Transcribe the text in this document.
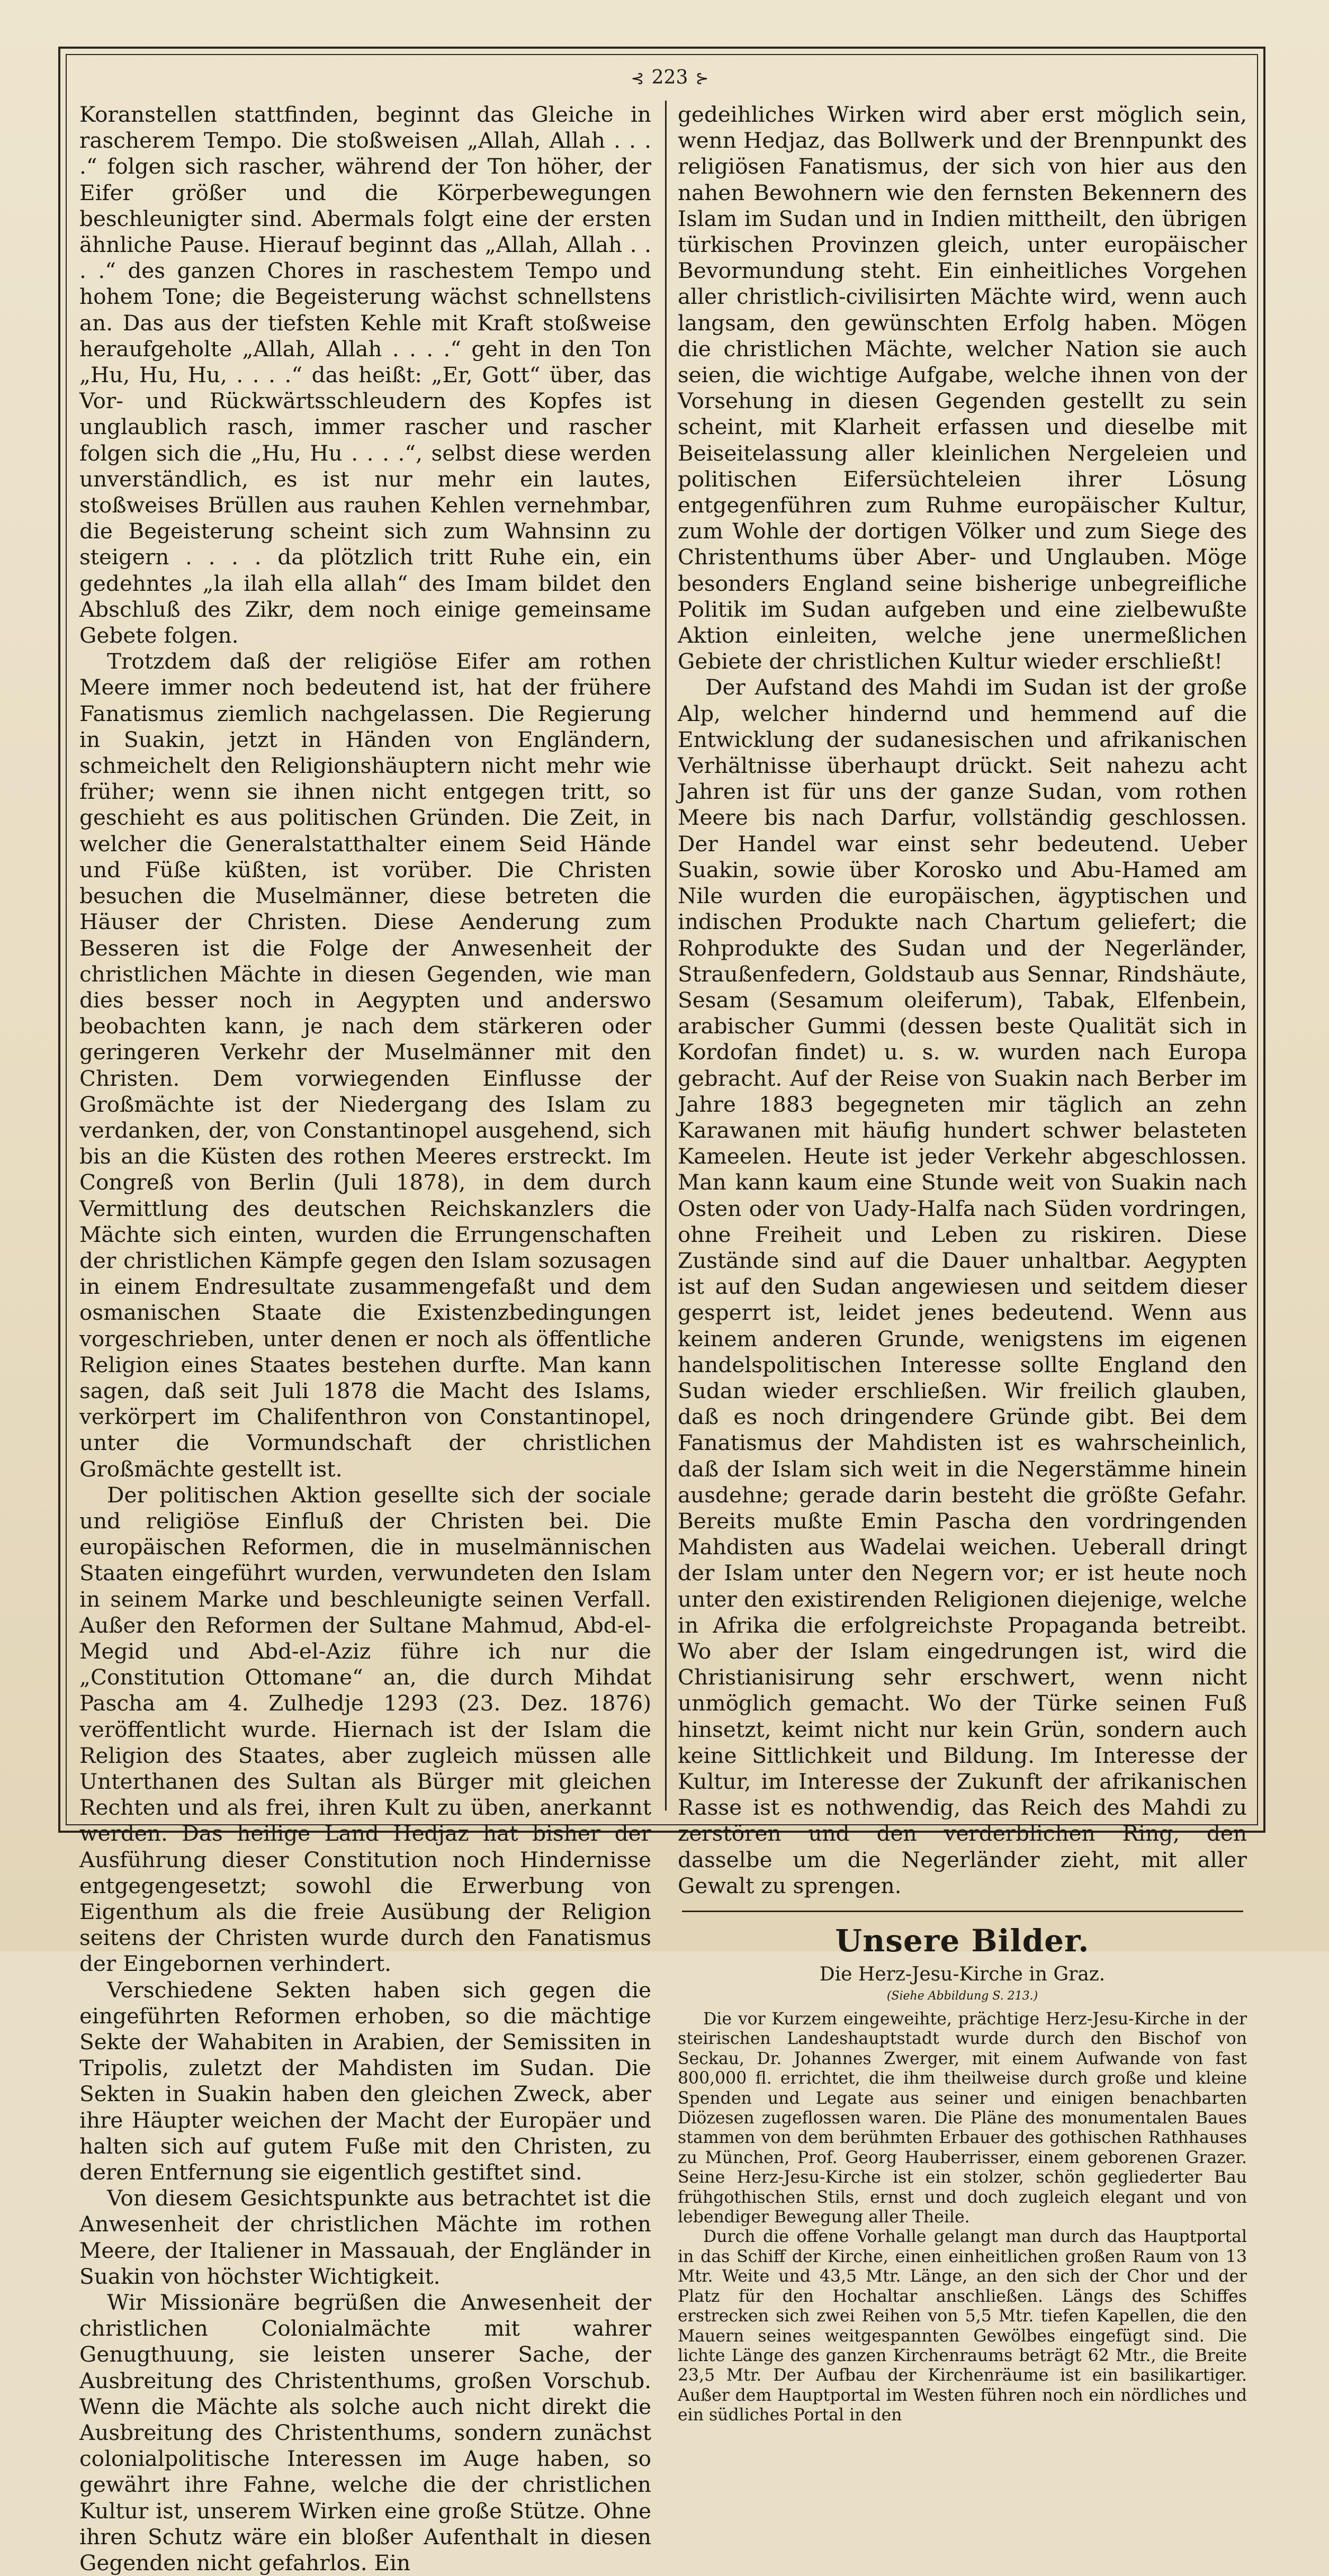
⊰ 223 ⊱

Koranstellen stattfinden, beginnt das Gleiche in rascherem Tempo. Die stoßweisen „Allah, Allah . . . .“ folgen sich rascher, während der Ton höher, der Eifer größer und die Körperbewegungen beschleunigter sind. Abermals folgt eine der ersten ähnliche Pause. Hierauf beginnt das „Allah, Allah . . . .“ des ganzen Chores in raschestem Tempo und hohem Tone; die Begeisterung wächst schnellstens an. Das aus der tiefsten Kehle mit Kraft stoßweise heraufgeholte „Allah, Allah . . . .“ geht in den Ton „Hu, Hu, Hu, . . . .“ das heißt: „Er, Gott“ über, das Vor- und Rückwärtsschleudern des Kopfes ist unglaublich rasch, immer rascher und rascher folgen sich die „Hu, Hu . . . .“, selbst diese werden unverständlich, es ist nur mehr ein lautes, stoßweises Brüllen aus rauhen Kehlen vernehmbar, die Begeisterung scheint sich zum Wahnsinn zu steigern . . . . da plötzlich tritt Ruhe ein, ein gedehntes „la ilah ella allah“ des Imam bildet den Abschluß des Zikr, dem noch einige gemeinsame Gebete folgen.

Trotzdem daß der religiöse Eifer am rothen Meere immer noch bedeutend ist, hat der frühere Fanatismus ziemlich nachgelassen. Die Regierung in Suakin, jetzt in Händen von Engländern, schmeichelt den Religionshäuptern nicht mehr wie früher; wenn sie ihnen nicht entgegen tritt, so geschieht es aus politischen Gründen. Die Zeit, in welcher die Generalstatthalter einem Seid Hände und Füße küßten, ist vorüber. Die Christen besuchen die Muselmänner, diese betreten die Häuser der Christen. Diese Aenderung zum Besseren ist die Folge der Anwesenheit der christlichen Mächte in diesen Gegenden, wie man dies besser noch in Aegypten und anderswo beobachten kann, je nach dem stärkeren oder geringeren Verkehr der Muselmänner mit den Christen. Dem vorwiegenden Einflusse der Großmächte ist der Niedergang des Islam zu verdanken, der, von Constantinopel ausgehend, sich bis an die Küsten des rothen Meeres erstreckt. Im Congreß von Berlin (Juli 1878), in dem durch Vermittlung des deutschen Reichskanzlers die Mächte sich einten, wurden die Errungenschaften der christlichen Kämpfe gegen den Islam sozusagen in einem Endresultate zusammengefaßt und dem osmanischen Staate die Existenzbedingungen vorgeschrieben, unter denen er noch als öffentliche Religion eines Staates bestehen durfte. Man kann sagen, daß seit Juli 1878 die Macht des Islams, verkörpert im Chalifenthron von Constantinopel, unter die Vormundschaft der christlichen Großmächte gestellt ist.

Der politischen Aktion gesellte sich der sociale und religiöse Einfluß der Christen bei. Die europäischen Reformen, die in muselmännischen Staaten eingeführt wurden, verwundeten den Islam in seinem Marke und beschleunigte seinen Verfall. Außer den Reformen der Sultane Mahmud, Abd-el-Megid und Abd-el-Aziz führe ich nur die „Constitution Ottomane“ an, die durch Mihdat Pascha am 4. Zulhedje 1293 (23. Dez. 1876) veröffentlicht wurde. Hiernach ist der Islam die Religion des Staates, aber zugleich müssen alle Unterthanen des Sultan als Bürger mit gleichen Rechten und als frei, ihren Kult zu üben, anerkannt werden. Das heilige Land Hedjaz hat bisher der Ausführung dieser Constitution noch Hindernisse entgegengesetzt; sowohl die Erwerbung von Eigenthum als die freie Ausübung der Religion seitens der Christen wurde durch den Fanatismus der Eingebornen verhindert.

Verschiedene Sekten haben sich gegen die eingeführten Reformen erhoben, so die mächtige Sekte der Wahabiten in Arabien, der Semissiten in Tripolis, zuletzt der Mahdisten im Sudan. Die Sekten in Suakin haben den gleichen Zweck, aber ihre Häupter weichen der Macht der Europäer und halten sich auf gutem Fuße mit den Christen, zu deren Entfernung sie eigentlich gestiftet sind.

Von diesem Gesichtspunkte aus betrachtet ist die Anwesenheit der christlichen Mächte im rothen Meere, der Italiener in Massauah, der Engländer in Suakin von höchster Wichtigkeit.

Wir Missionäre begrüßen die Anwesenheit der christlichen Colonialmächte mit wahrer Genugthuung, sie leisten unserer Sache, der Ausbreitung des Christenthums, großen Vorschub. Wenn die Mächte als solche auch nicht direkt die Ausbreitung des Christenthums, sondern zunächst colonialpolitische Interessen im Auge haben, so gewährt ihre Fahne, welche die der christlichen Kultur ist, unserem Wirken eine große Stütze. Ohne ihren Schutz wäre ein bloßer Aufenthalt in diesen Gegenden nicht gefahrlos. Ein

gedeihliches Wirken wird aber erst möglich sein, wenn Hedjaz, das Bollwerk und der Brennpunkt des religiösen Fanatismus, der sich von hier aus den nahen Bewohnern wie den fernsten Bekennern des Islam im Sudan und in Indien mittheilt, den übrigen türkischen Provinzen gleich, unter europäischer Bevormundung steht. Ein einheitliches Vorgehen aller christlich-civilisirten Mächte wird, wenn auch langsam, den gewünschten Erfolg haben. Mögen die christlichen Mächte, welcher Nation sie auch seien, die wichtige Aufgabe, welche ihnen von der Vorsehung in diesen Gegenden gestellt zu sein scheint, mit Klarheit erfassen und dieselbe mit Beiseitelassung aller kleinlichen Nergeleien und politischen Eifersüchteleien ihrer Lösung entgegenführen zum Ruhme europäischer Kultur, zum Wohle der dortigen Völker und zum Siege des Christenthums über Aber- und Unglauben. Möge besonders England seine bisherige unbegreifliche Politik im Sudan aufgeben und eine zielbewußte Aktion einleiten, welche jene unermeßlichen Gebiete der christlichen Kultur wieder erschließt!

Der Aufstand des Mahdi im Sudan ist der große Alp, welcher hindernd und hemmend auf die Entwicklung der sudanesischen und afrikanischen Verhältnisse überhaupt drückt. Seit nahezu acht Jahren ist für uns der ganze Sudan, vom rothen Meere bis nach Darfur, vollständig geschlossen. Der Handel war einst sehr bedeutend. Ueber Suakin, sowie über Korosko und Abu-Hamed am Nile wurden die europäischen, ägyptischen und indischen Produkte nach Chartum geliefert; die Rohprodukte des Sudan und der Negerländer, Straußenfedern, Goldstaub aus Sennar, Rindshäute, Sesam (Sesamum oleiferum), Tabak, Elfenbein, arabischer Gummi (dessen beste Qualität sich in Kordofan findet) u. s. w. wurden nach Europa gebracht. Auf der Reise von Suakin nach Berber im Jahre 1883 begegneten mir täglich an zehn Karawanen mit häufig hundert schwer belasteten Kameelen. Heute ist jeder Verkehr abgeschlossen. Man kann kaum eine Stunde weit von Suakin nach Osten oder von Uady-Halfa nach Süden vordringen, ohne Freiheit und Leben zu riskiren. Diese Zustände sind auf die Dauer unhaltbar. Aegypten ist auf den Sudan angewiesen und seitdem dieser gesperrt ist, leidet jenes bedeutend. Wenn aus keinem anderen Grunde, wenigstens im eigenen handelspolitischen Interesse sollte England den Sudan wieder erschließen. Wir freilich glauben, daß es noch dringendere Gründe gibt. Bei dem Fanatismus der Mahdisten ist es wahrscheinlich, daß der Islam sich weit in die Negerstämme hinein ausdehne; gerade darin besteht die größte Gefahr. Bereits mußte Emin Pascha den vordringenden Mahdisten aus Wadelai weichen. Ueberall dringt der Islam unter den Negern vor; er ist heute noch unter den existirenden Religionen diejenige, welche in Afrika die erfolgreichste Propaganda betreibt. Wo aber der Islam eingedrungen ist, wird die Christianisirung sehr erschwert, wenn nicht unmöglich gemacht. Wo der Türke seinen Fuß hinsetzt, keimt nicht nur kein Grün, sondern auch keine Sittlichkeit und Bildung. Im Interesse der Kultur, im Interesse der Zukunft der afrikanischen Rasse ist es nothwendig, das Reich des Mahdi zu zerstören und den verderblichen Ring, den dasselbe um die Negerländer zieht, mit aller Gewalt zu sprengen.

Unsere Bilder.
Die Herz-Jesu-Kirche in Graz.
(Siehe Abbildung S. 213.)

Die vor Kurzem eingeweihte, prächtige Herz-Jesu-Kirche in der steirischen Landeshauptstadt wurde durch den Bischof von Seckau, Dr. Johannes Zwerger, mit einem Aufwande von fast 800,000 fl. errichtet, die ihm theilweise durch große und kleine Spenden und Legate aus seiner und einigen benachbarten Diözesen zugeflossen waren. Die Pläne des monumentalen Baues stammen von dem berühmten Erbauer des gothischen Rathhauses zu München, Prof. Georg Hauberrisser, einem geborenen Grazer. Seine Herz-Jesu-Kirche ist ein stolzer, schön gegliederter Bau frühgothischen Stils, ernst und doch zugleich elegant und von lebendiger Bewegung aller Theile.

Durch die offene Vorhalle gelangt man durch das Hauptportal in das Schiff der Kirche, einen einheitlichen großen Raum von 13 Mtr. Weite und 43,5 Mtr. Länge, an den sich der Chor und der Platz für den Hochaltar anschließen. Längs des Schiffes erstrecken sich zwei Reihen von 5,5 Mtr. tiefen Kapellen, die den Mauern seines weitgespannten Gewölbes eingefügt sind. Die lichte Länge des ganzen Kirchenraums beträgt 62 Mtr., die Breite 23,5 Mtr. Der Aufbau der Kirchenräume ist ein basilikartiger. Außer dem Hauptportal im Westen führen noch ein nördliches und ein südliches Portal in den
